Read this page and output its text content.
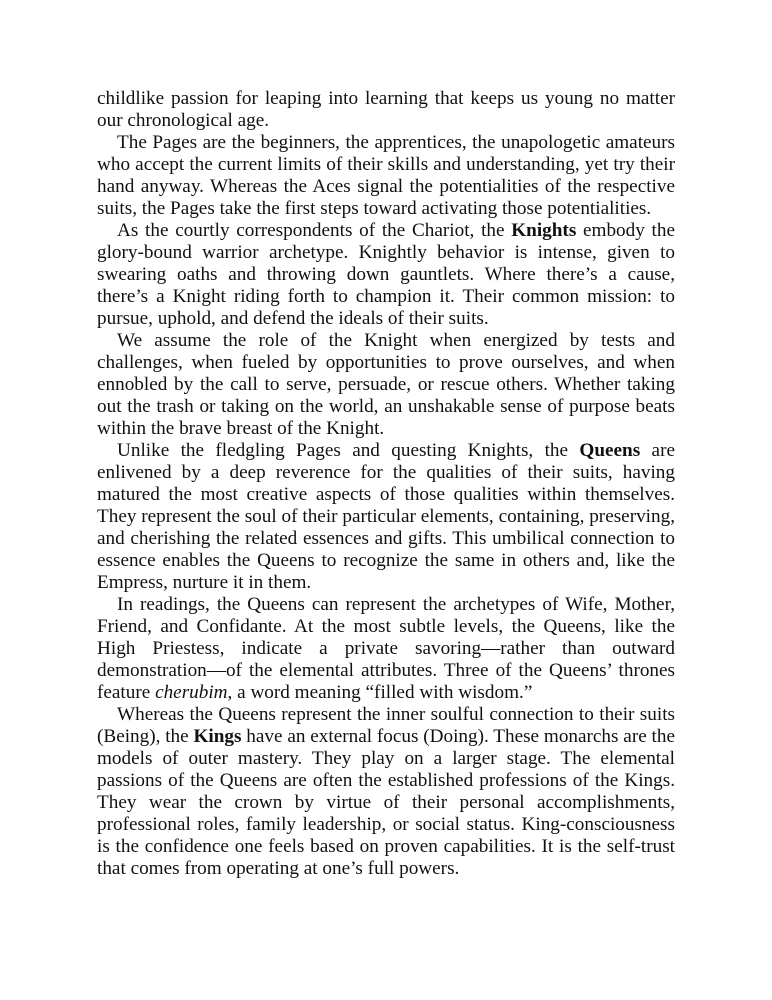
childlike passion for leaping into learning that keeps us young no matter our chronological age.

The Pages are the beginners, the apprentices, the unapologetic amateurs who accept the current limits of their skills and understanding, yet try their hand anyway. Whereas the Aces signal the potentialities of the respective suits, the Pages take the first steps toward activating those potentialities.

As the courtly correspondents of the Chariot, the Knights embody the glory-bound warrior archetype. Knightly behavior is intense, given to swearing oaths and throwing down gauntlets. Where there’s a cause, there’s a Knight riding forth to champion it. Their common mission: to pursue, uphold, and defend the ideals of their suits.

We assume the role of the Knight when energized by tests and challenges, when fueled by opportunities to prove ourselves, and when ennobled by the call to serve, persuade, or rescue others. Whether taking out the trash or taking on the world, an unshakable sense of purpose beats within the brave breast of the Knight.

Unlike the fledgling Pages and questing Knights, the Queens are enlivened by a deep reverence for the qualities of their suits, having matured the most creative aspects of those qualities within themselves. They represent the soul of their particular elements, containing, preserving, and cherishing the related essences and gifts. This umbilical connection to essence enables the Queens to recognize the same in others and, like the Empress, nurture it in them.

In readings, the Queens can represent the archetypes of Wife, Mother, Friend, and Confidante. At the most subtle levels, the Queens, like the High Priestess, indicate a private savoring—rather than outward demonstration—of the elemental attributes. Three of the Queens’ thrones feature cherubim, a word meaning “filled with wisdom.”

Whereas the Queens represent the inner soulful connection to their suits (Being), the Kings have an external focus (Doing). These monarchs are the models of outer mastery. They play on a larger stage. The elemental passions of the Queens are often the established professions of the Kings. They wear the crown by virtue of their personal accomplishments, professional roles, family leadership, or social status. King-consciousness is the confidence one feels based on proven capabilities. It is the self-trust that comes from operating at one’s full powers.
